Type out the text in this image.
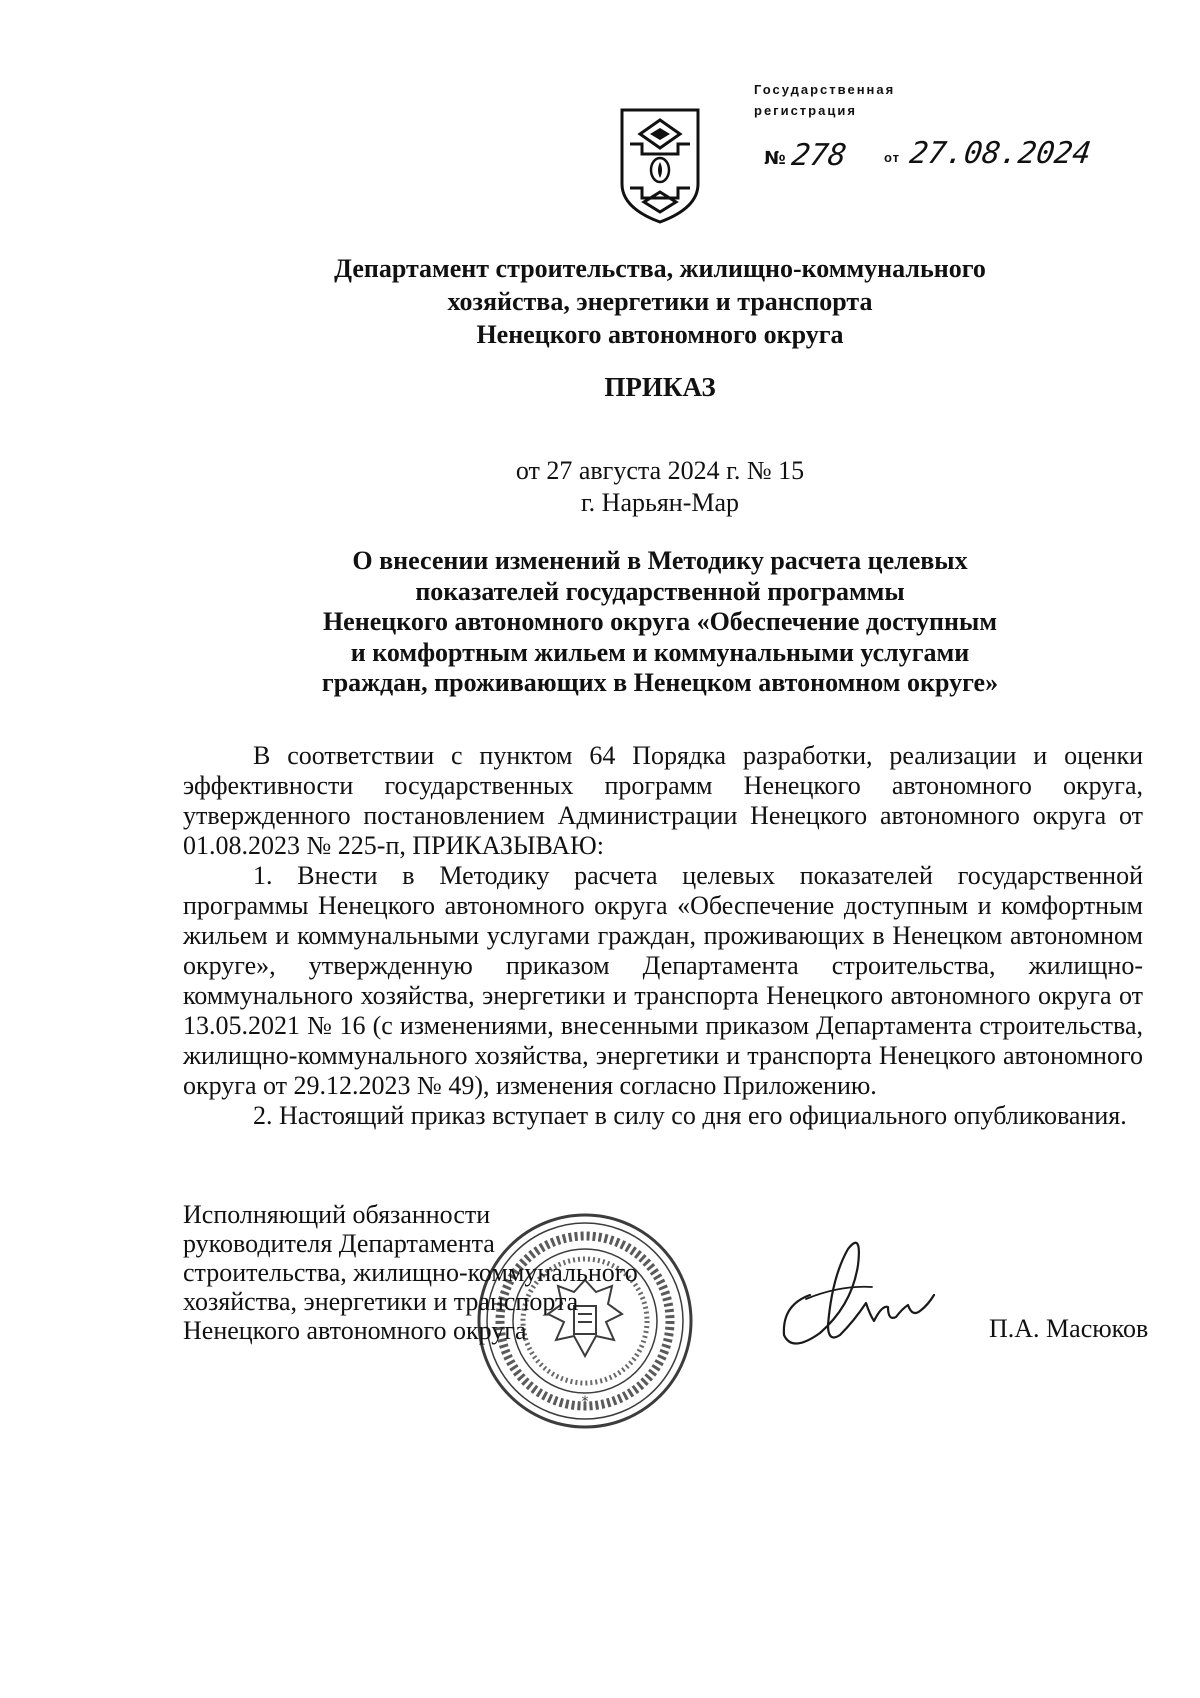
Государственная
регистрация
№ 278	от 27.08.2024
Департамент строительства, жилищно-коммунального
хозяйства, энергетики и транспорта
Ненецкого автономного округа
ПРИКАЗ
от 27 августа 2024 г. № 15
г. Нарьян-Мар
О внесении изменений в Методику расчета целевых
показателей государственной программы
Ненецкого автономного округа «Обеспечение доступным
и комфортным жильем и коммунальными услугами
граждан, проживающих в Ненецком автономном округе»

В соответствии с пунктом 64 Порядка разработки, реализации и оценки эффективности государственных программ Ненецкого автономного округа, утвержденного постановлением Администрации Ненецкого автономного округа от 01.08.2023 № 225-п, ПРИКАЗЫВАЮ:

1. Внести в Методику расчета целевых показателей государственной программы Ненецкого автономного округа «Обеспечение доступным и комфортным жильем и коммунальными услугами граждан, проживающих в Ненецком автономном округе», утвержденную приказом Департамента строительства, жилищно-коммунального хозяйства, энергетики и транспорта Ненецкого автономного округа от 13.05.2021 № 16 (с изменениями, внесенными приказом Департамента строительства, жилищно-коммунального хозяйства, энергетики и транспорта Ненецкого автономного округа от 29.12.2023 № 49), изменения согласно Приложению.

2. Настоящий приказ вступает в силу со дня его официального опубликования.

*
Исполняющий обязанности
руководителя Департамента
строительства, жилищно-коммунального
хозяйства, энергетики и транспорта
Ненецкого автономного округа	П.А. Масюков
